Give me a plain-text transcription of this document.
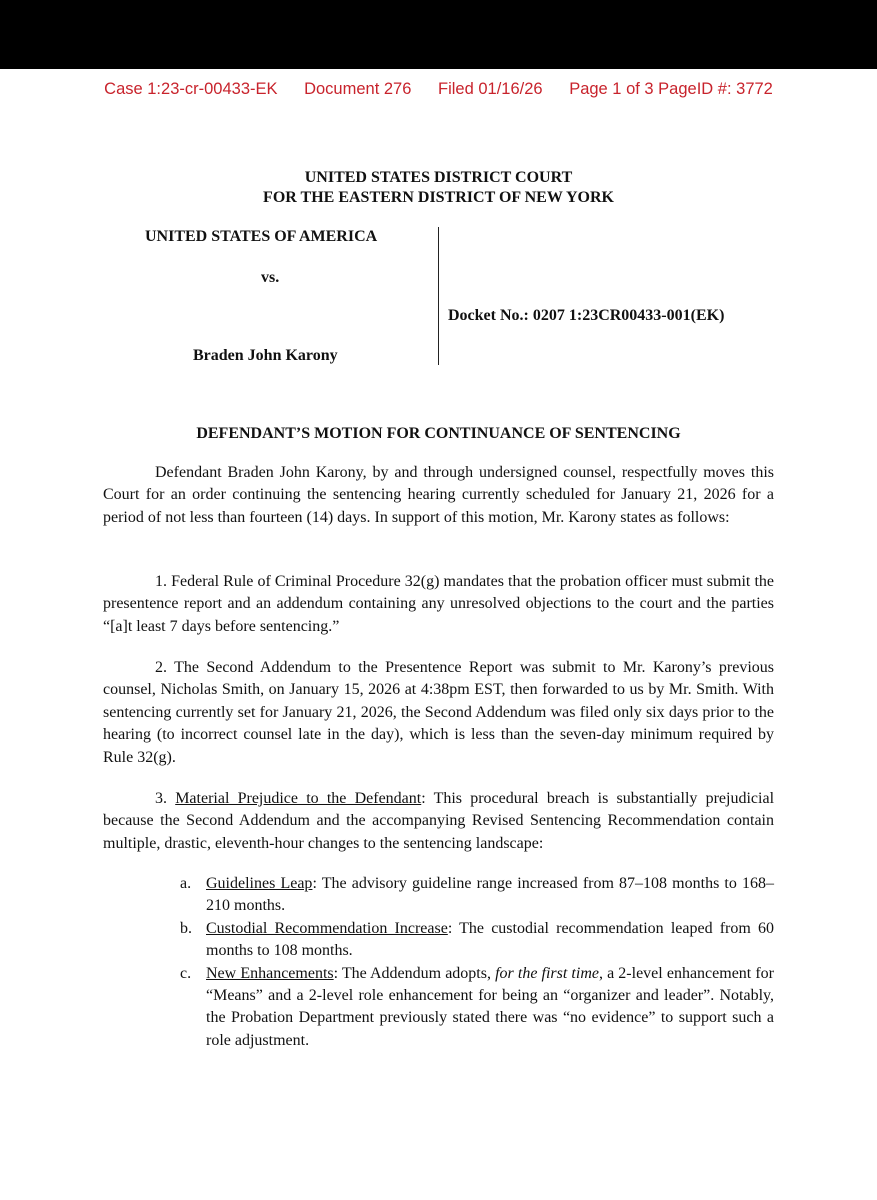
Case 1:23-cr-00433-EK Document 276 Filed 01/16/26 Page 1 of 3 PageID #: 3772
UNITED STATES DISTRICT COURT
FOR THE EASTERN DISTRICT OF NEW YORK
UNITED STATES OF AMERICA
vs.
Braden John Karony
Docket No.: 0207 1:23CR00433-001(EK)
DEFENDANT’S MOTION FOR CONTINUANCE OF SENTENCING

Defendant Braden John Karony, by and through undersigned counsel, respectfully moves this Court for an order continuing the sentencing hearing currently scheduled for January 21, 2026 for a period of not less than fourteen (14) days. In support of this motion, Mr. Karony states as follows:

1. Federal Rule of Criminal Procedure 32(g) mandates that the probation officer must submit the presentence report and an addendum containing any unresolved objections to the court and the parties “[a]t least 7 days before sentencing.”

2. The Second Addendum to the Presentence Report was submit to Mr. Karony’s previous counsel, Nicholas Smith, on January 15, 2026 at 4:38pm EST, then forwarded to us by Mr. Smith. With sentencing currently set for January 21, 2026, the Second Addendum was filed only six days prior to the hearing (to incorrect counsel late in the day), which is less than the seven-day minimum required by Rule 32(g).

3. Material Prejudice to the Defendant: This procedural breach is substantially prejudicial because the Second Addendum and the accompanying Revised Sentencing Recommendation contain multiple, drastic, eleventh-hour changes to the sentencing landscape:

a. Guidelines Leap: The advisory guideline range increased from 87–108 months to 168–210 months.
b. Custodial Recommendation Increase: The custodial recommendation leaped from 60 months to 108 months.
c. New Enhancements: The Addendum adopts, for the first time, a 2-level enhancement for “Means” and a 2-level role enhancement for being an “organizer and leader”. Notably, the Probation Department previously stated there was “no evidence” to support such a role adjustment.
